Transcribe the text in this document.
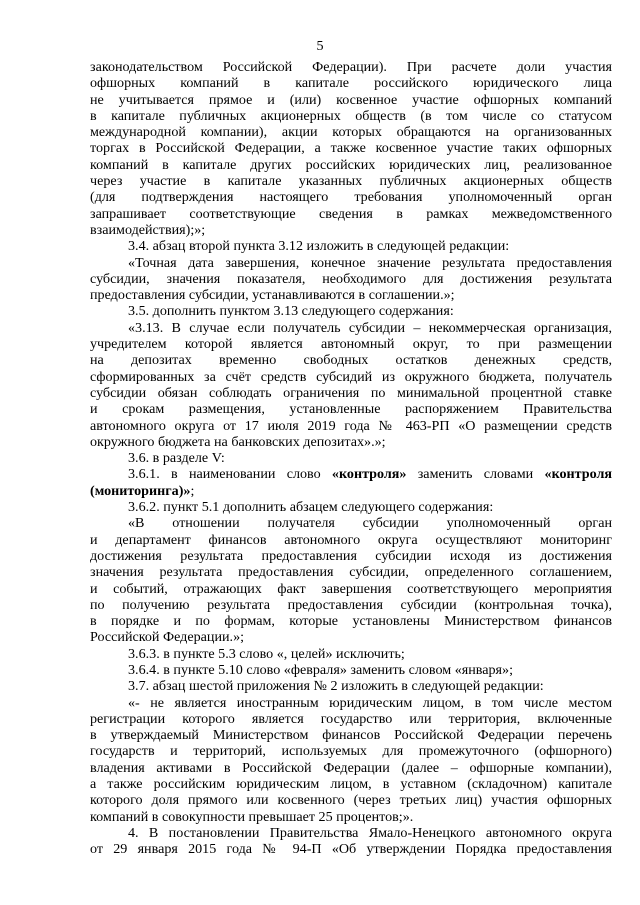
5
законодательством Российской Федерации). При расчете доли участия
офшорных компаний в капитале российского юридического лица
не учитывается прямое и (или) косвенное участие офшорных компаний
в капитале публичных акционерных обществ (в том числе со статусом
международной компании), акции которых обращаются на организованных
торгах в Российской Федерации, а также косвенное участие таких офшорных
компаний в капитале других российских юридических лиц, реализованное
через участие в капитале указанных публичных акционерных обществ
(для подтверждения настоящего требования уполномоченный орган
запрашивает соответствующие сведения в рамках межведомственного
взаимодействия);»;
3.4. абзац второй пункта 3.12 изложить в следующей редакции:
«Точная дата завершения, конечное значение результата предоставления
субсидии, значения показателя, необходимого для достижения результата
предоставления субсидии, устанавливаются в соглашении.»;
3.5. дополнить пунктом 3.13 следующего содержания:
«3.13. В случае если получатель субсидии – некоммерческая организация,
учредителем которой является автономный округ, то при размещении
на депозитах временно свободных остатков денежных средств,
сформированных за счёт средств субсидий из окружного бюджета, получатель
субсидии обязан соблюдать ограничения по минимальной процентной ставке
и срокам размещения, установленные распоряжением Правительства
автономного округа от 17 июля 2019 года № 463-РП «О размещении средств
окружного бюджета на банковских депозитах».»;
3.6. в разделе V:
3.6.1. в наименовании слово «контроля» заменить словами «контроля
(мониторинга)»;
3.6.2. пункт 5.1 дополнить абзацем следующего содержания:
«В отношении получателя субсидии уполномоченный орган
и департамент финансов автономного округа осуществляют мониторинг
достижения результата предоставления субсидии исходя из достижения
значения результата предоставления субсидии, определенного соглашением,
и событий, отражающих факт завершения соответствующего мероприятия
по получению результата предоставления субсидии (контрольная точка),
в порядке и по формам, которые установлены Министерством финансов
Российской Федерации.»;
3.6.3. в пункте 5.3 слово «, целей» исключить;
3.6.4. в пункте 5.10 слово «февраля» заменить словом «января»;
3.7. абзац шестой приложения № 2 изложить в следующей редакции:
«- не является иностранным юридическим лицом, в том числе местом
регистрации которого является государство или территория, включенные
в утверждаемый Министерством финансов Российской Федерации перечень
государств и территорий, используемых для промежуточного (офшорного)
владения активами в Российской Федерации (далее – офшорные компании),
а также российским юридическим лицом, в уставном (складочном) капитале
которого доля прямого или косвенного (через третьих лиц) участия офшорных
компаний в совокупности превышает 25 процентов;».
4. В постановлении Правительства Ямало-Ненецкого автономного округа
от 29 января 2015 года № 94-П «Об утверждении Порядка предоставления
